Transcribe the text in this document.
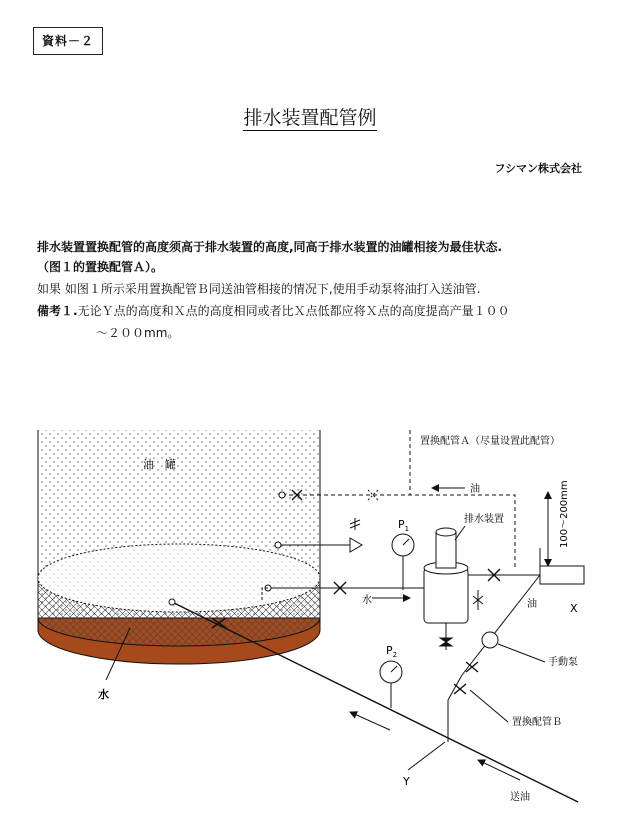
資料－２
排水装置配管例
フシマン株式会社
排水装置置换配管的高度须高于排水装置的高度,同高于排水装置的油罐相接为最佳状态.
（图１的置换配管Ａ）。
如果 如图１所示采用置换配管Ｂ同送油管相接的情况下,使用手动泵将油打入送油管.
備考１.无论Ｙ点的高度和Ｘ点的高度相同或者比Ｘ点低都应将Ｘ点的高度提高产量１００
～２００mm。
油　罐
置换配管Ａ（尽量设置此配管）
油
$P_1$
排水装置
水
100～200mm
X
油
手動泵
置換配管Ｂ
$P_2$
送油
Y
水
